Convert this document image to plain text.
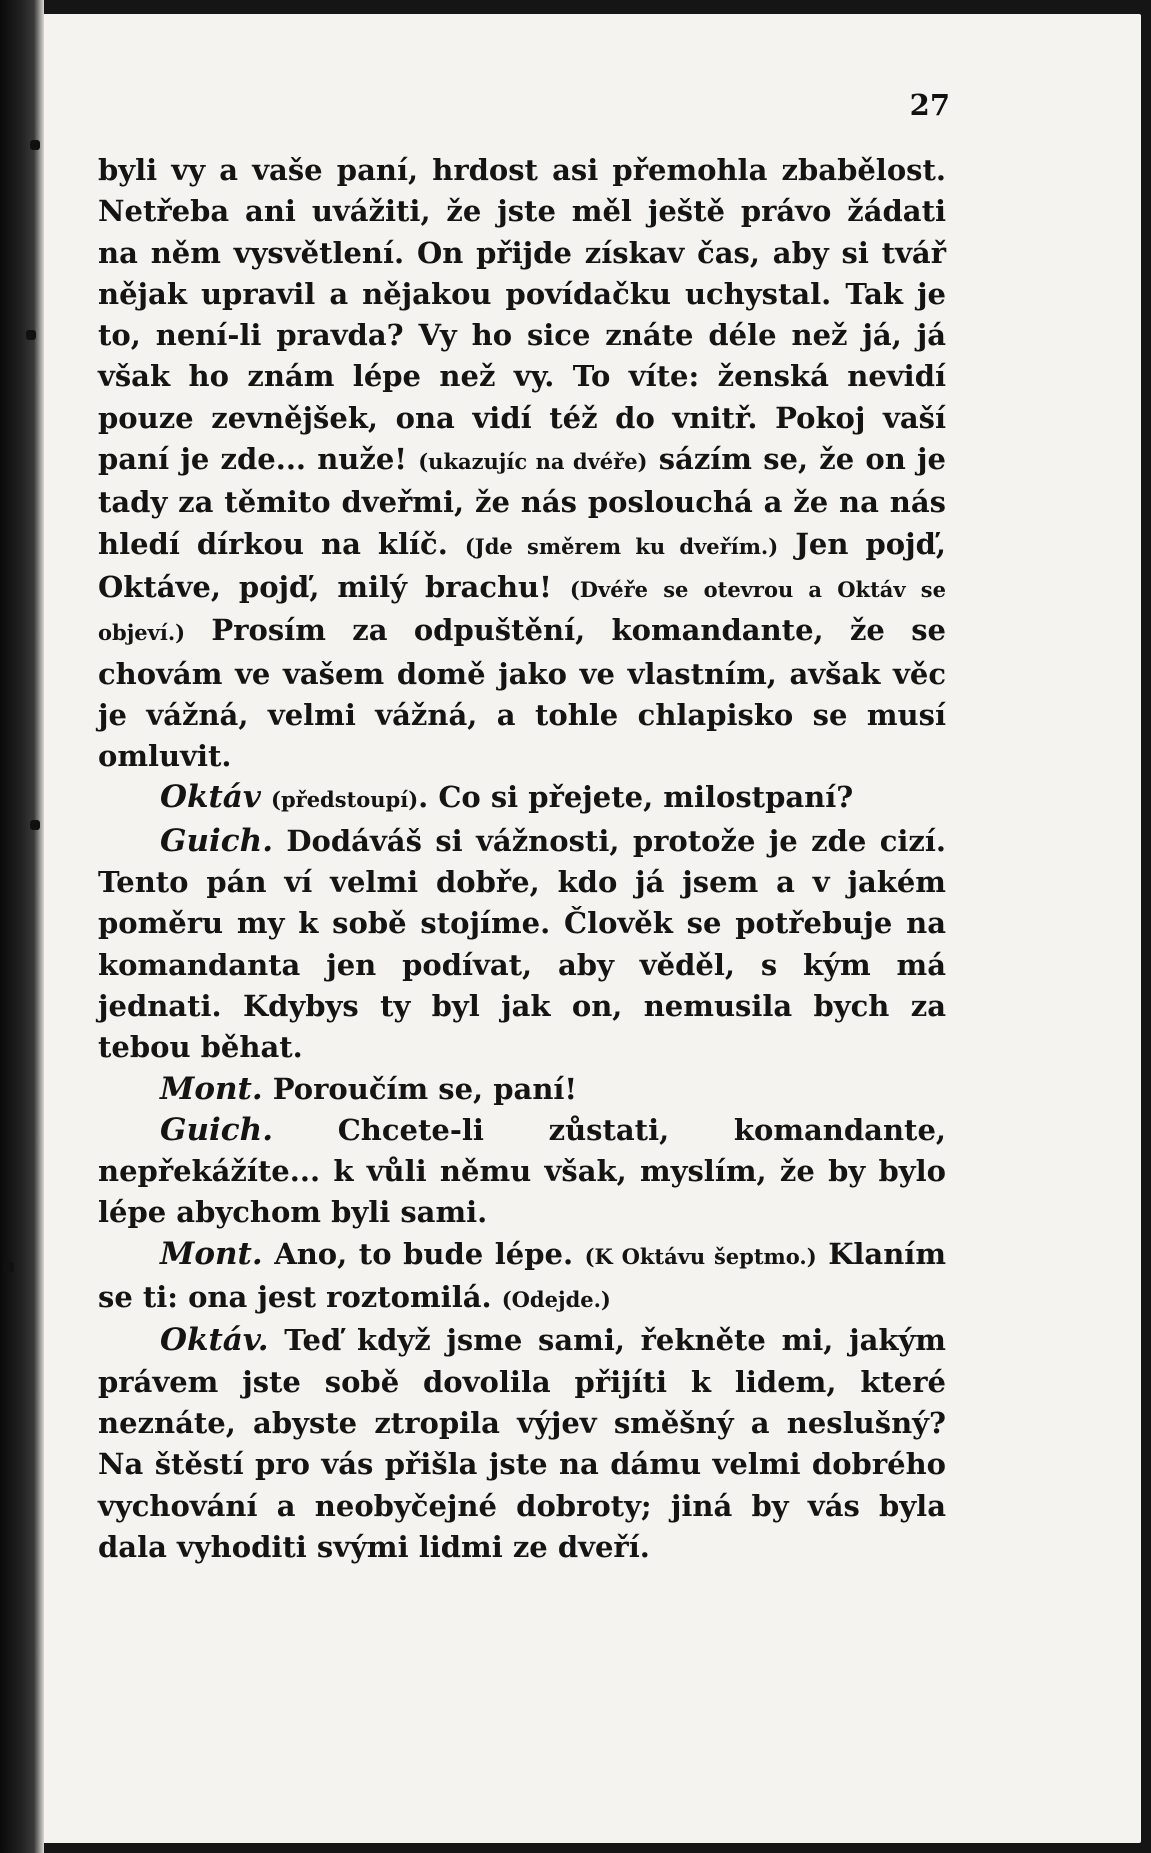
27

byli vy a vaše paní, hrdost asi přemohla zbabělost. Netřeba ani uvážiti, že jste měl ještě právo žádati na něm vysvětlení. On přijde získav čas, aby si tvář nějak upravil a nějakou povídačku uchystal. Tak je to, není-li pravda? Vy ho sice znáte déle než já, já však ho znám lépe než vy. To víte: ženská nevidí pouze zevnějšek, ona vidí též do vnitř. Pokoj vaší paní je zde... nuže! (ukazujíc na dvéře) sázím se, že on je tady za těmito dveřmi, že nás poslouchá a že na nás hledí dírkou na klíč. (Jde směrem ku dveřím.) Jen pojď, Oktáve, pojď, milý brachu! (Dvéře se otevrou a Oktáv se objeví.) Prosím za odpuštění, komandante, že se chovám ve vašem domě jako ve vlastním, avšak věc je vážná, velmi vážná, a tohle chlapisko se musí omluvit.

Oktáv (předstoupí). Co si přejete, milostpaní?

Guich. Dodáváš si vážnosti, protože je zde cizí. Tento pán ví velmi dobře, kdo já jsem a v jakém poměru my k sobě stojíme. Člověk se potřebuje na komandanta jen podívat, aby věděl, s kým má jednati. Kdybys ty byl jak on, nemusila bych za tebou běhat.

Mont. Poroučím se, paní!

Guich. Chcete-li zůstati, komandante, nepřekážíte... k vůli němu však, myslím, že by bylo lépe abychom byli sami.

Mont. Ano, to bude lépe. (K Oktávu šeptmo.) Klaním se ti: ona jest roztomilá. (Odejde.)

Oktáv. Teď když jsme sami, řekněte mi, jakým právem jste sobě dovolila přijíti k lidem, které neznáte, abyste ztropila výjev směšný a neslušný? Na štěstí pro vás přišla jste na dámu velmi dobrého vychování a neobyčejné dobroty; jiná by vás byla dala vyhoditi svými lidmi ze dveří.
